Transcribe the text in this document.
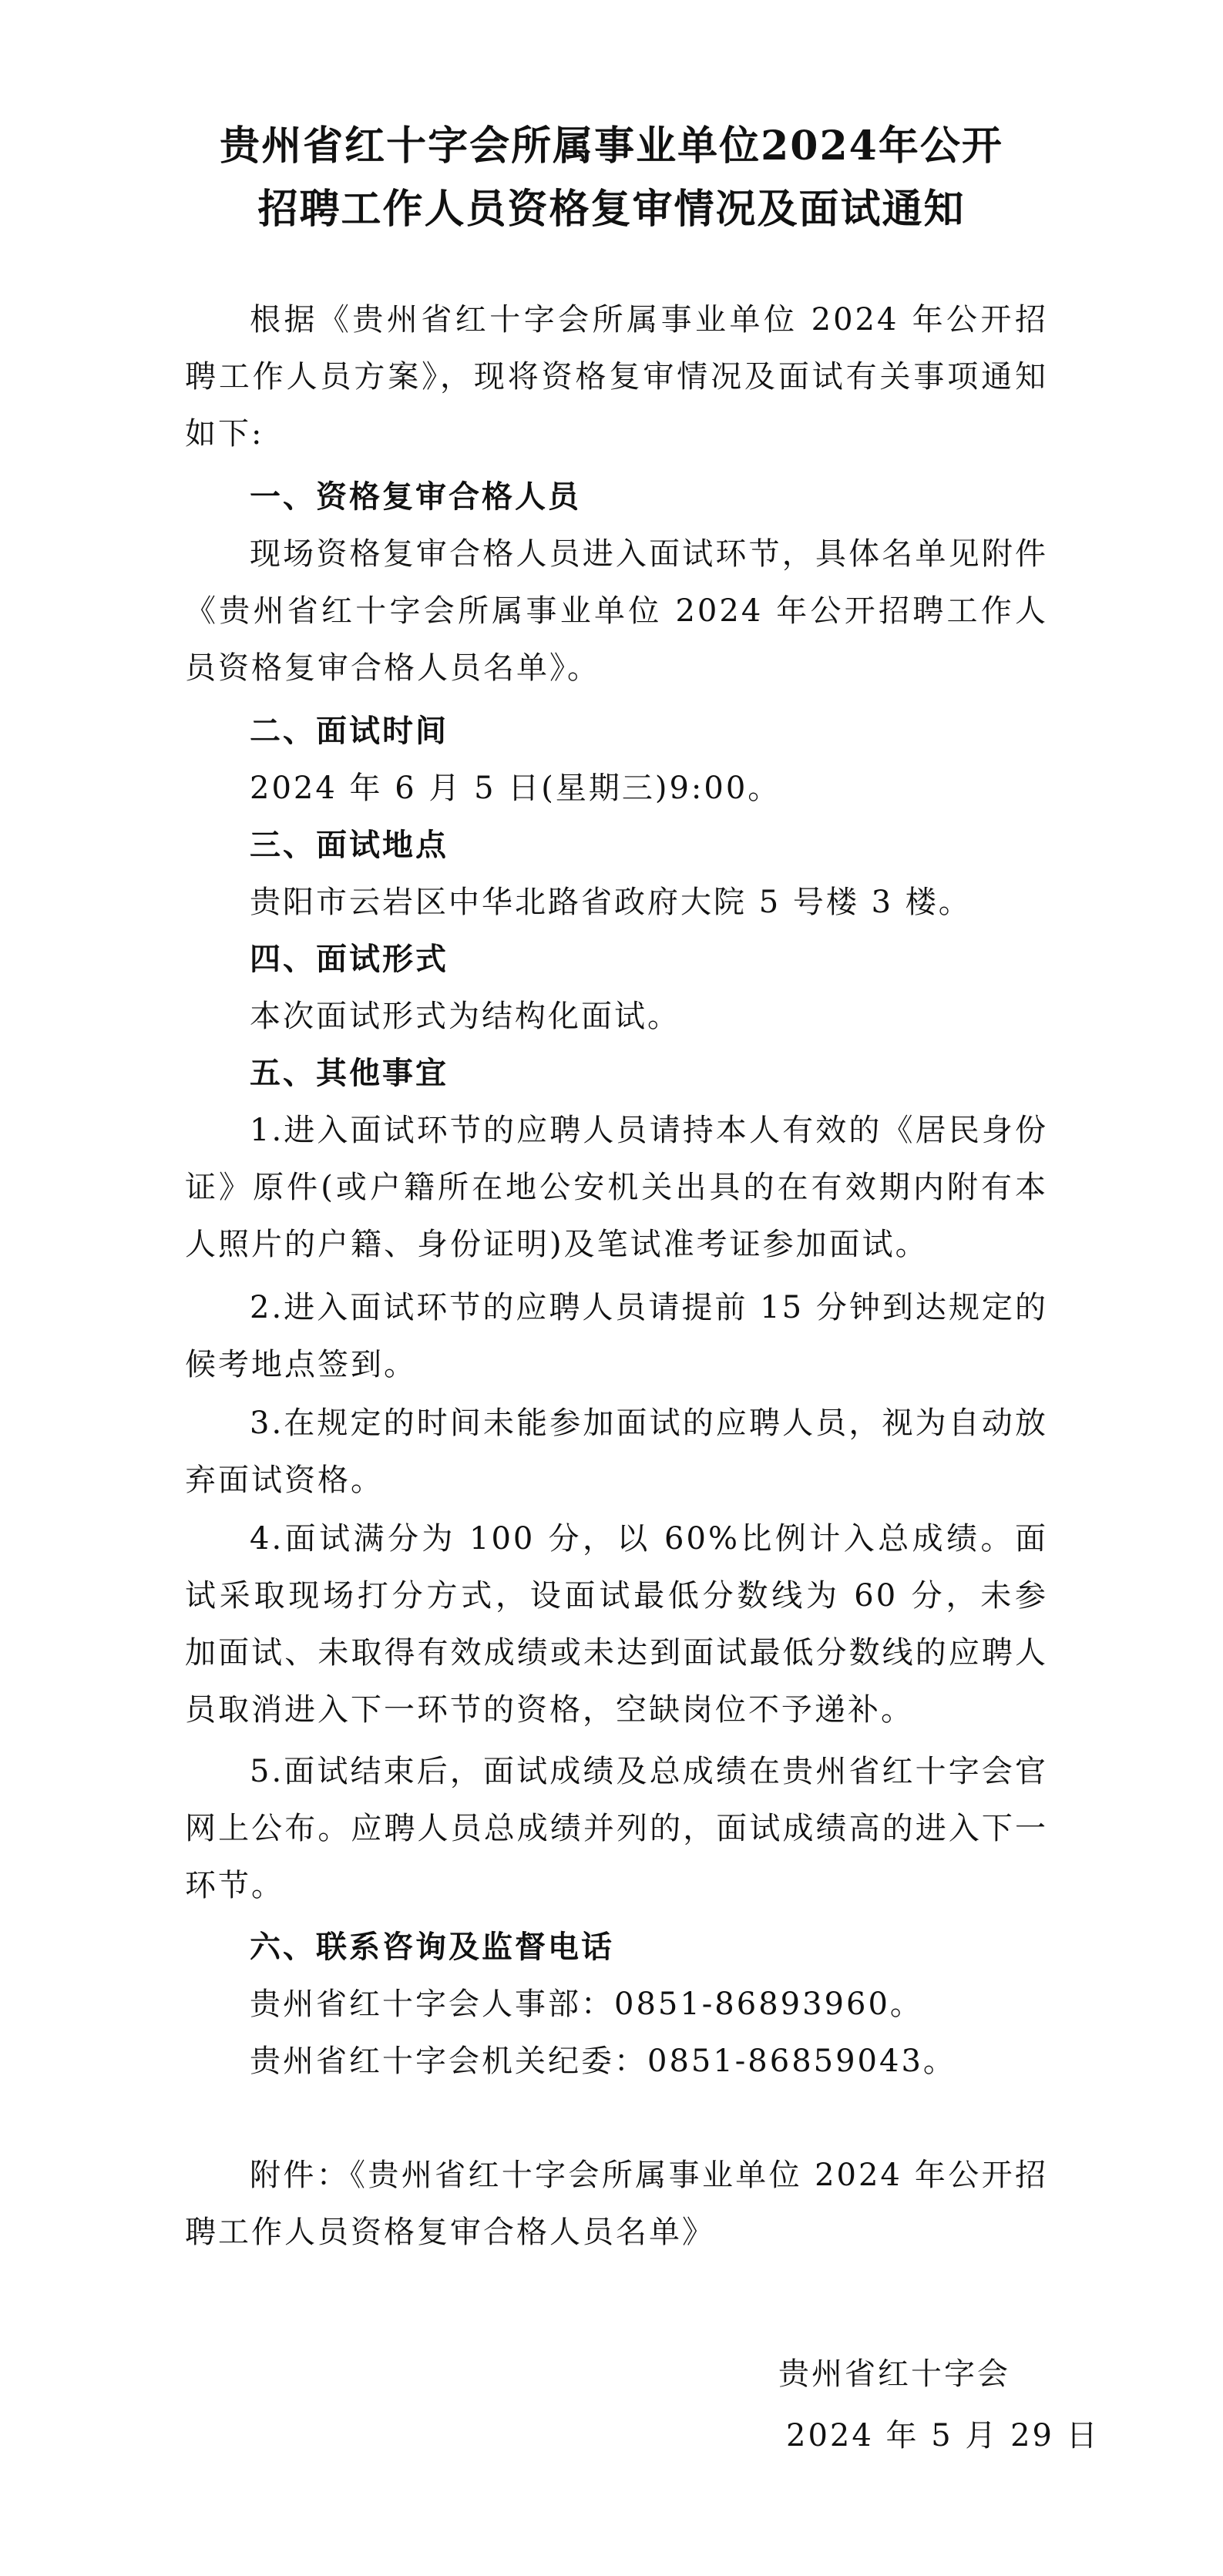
贵州省红十字会所属事业单位2024年公开
招聘工作人员资格复审情况及面试通知

根据《贵州省红十字会所属事业单位 2024 年公开招聘工作人员方案》，现将资格复审情况及面试有关事项通知如下:

一、资格复审合格人员

现场资格复审合格人员进入面试环节，具体名单见附件《贵州省红十字会所属事业单位 2024 年公开招聘工作人员资格复审合格人员名单》。

二、面试时间

2024 年 6 月 5 日(星期三)9:00。

三、面试地点

贵阳市云岩区中华北路省政府大院 5 号楼 3 楼。

四、面试形式

本次面试形式为结构化面试。

五、其他事宜

1.进入面试环节的应聘人员请持本人有效的《居民身份证》原件(或户籍所在地公安机关出具的在有效期内附有本人照片的户籍、身份证明)及笔试准考证参加面试。

2.进入面试环节的应聘人员请提前 15 分钟到达规定的候考地点签到。

3.在规定的时间未能参加面试的应聘人员，视为自动放弃面试资格。

4.面试满分为 100 分，以 60%比例计入总成绩。面试采取现场打分方式，设面试最低分数线为 60 分，未参加面试、未取得有效成绩或未达到面试最低分数线的应聘人员取消进入下一环节的资格，空缺岗位不予递补。

5.面试结束后，面试成绩及总成绩在贵州省红十字会官网上公布。应聘人员总成绩并列的，面试成绩高的进入下一环节。

六、联系咨询及监督电话

贵州省红十字会人事部：0851-86893960。

贵州省红十字会机关纪委：0851-86859043。

附件：《贵州省红十字会所属事业单位 2024 年公开招聘工作人员资格复审合格人员名单》

贵州省红十字会
2024 年 5 月 29 日
